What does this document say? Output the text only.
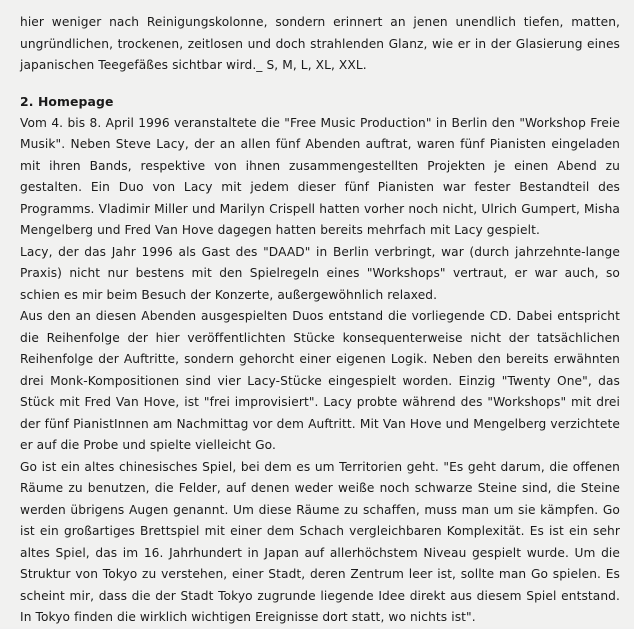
hier weniger nach Reinigungskolonne, sondern erinnert an jenen unendlich tiefen, matten, ungründlichen, trockenen, zeitlosen und doch strahlenden Glanz, wie er in der Glasierung eines japanischen Teegefäßes sichtbar wird._ S, M, L, XL, XXL.

2. Homepage

Vom 4. bis 8. April 1996 veranstaltete die "Free Music Production" in Berlin den "Workshop Freie Musik". Neben Steve Lacy, der an allen fünf Abenden auftrat, waren fünf Pianisten eingeladen mit ihren Bands, respektive von ihnen zusammengestellten Projekten je einen Abend zu gestalten. Ein Duo von Lacy mit jedem dieser fünf Pianisten war fester Bestandteil des Programms. Vladimir Miller und Marilyn Crispell hatten vorher noch nicht, Ulrich Gumpert, Misha Mengelberg und Fred Van Hove dagegen hatten bereits mehrfach mit Lacy gespielt.

Lacy, der das Jahr 1996 als Gast des "DAAD" in Berlin verbringt, war (durch jahrzehnte-lange Praxis) nicht nur bestens mit den Spielregeln eines "Workshops" vertraut, er war auch, so schien es mir beim Besuch der Konzerte, außergewöhnlich relaxed.

Aus den an diesen Abenden ausgespielten Duos entstand die vorliegende CD. Dabei entspricht die Reihenfolge der hier veröffentlichten Stücke konsequenterweise nicht der tatsächlichen Reihenfolge der Auftritte, sondern gehorcht einer eigenen Logik. Neben den bereits erwähnten drei Monk-Kompositionen sind vier Lacy-Stücke eingespielt worden. Einzig "Twenty One", das Stück mit Fred Van Hove, ist "frei improvisiert". Lacy probte während des "Workshops" mit drei der fünf PianistInnen am Nachmittag vor dem Auftritt. Mit Van Hove und Mengelberg verzichtete er auf die Probe und spielte vielleicht Go.

Go ist ein altes chinesisches Spiel, bei dem es um Territorien geht. "Es geht darum, die offenen Räume zu benutzen, die Felder, auf denen weder weiße noch schwarze Steine sind, die Steine werden übrigens Augen genannt. Um diese Räume zu schaffen, muss man um sie kämpfen. Go ist ein großartiges Brettspiel mit einer dem Schach vergleichbaren Komplexität. Es ist ein sehr altes Spiel, das im 16. Jahrhundert in Japan auf allerhöchstem Niveau gespielt wurde. Um die Struktur von Tokyo zu verstehen, einer Stadt, deren Zentrum leer ist, sollte man Go spielen. Es scheint mir, dass die der Stadt Tokyo zugrunde liegende Idee direkt aus diesem Spiel entstand. In Tokyo finden die wirklich wichtigen Ereignisse dort statt, wo nichts ist".
